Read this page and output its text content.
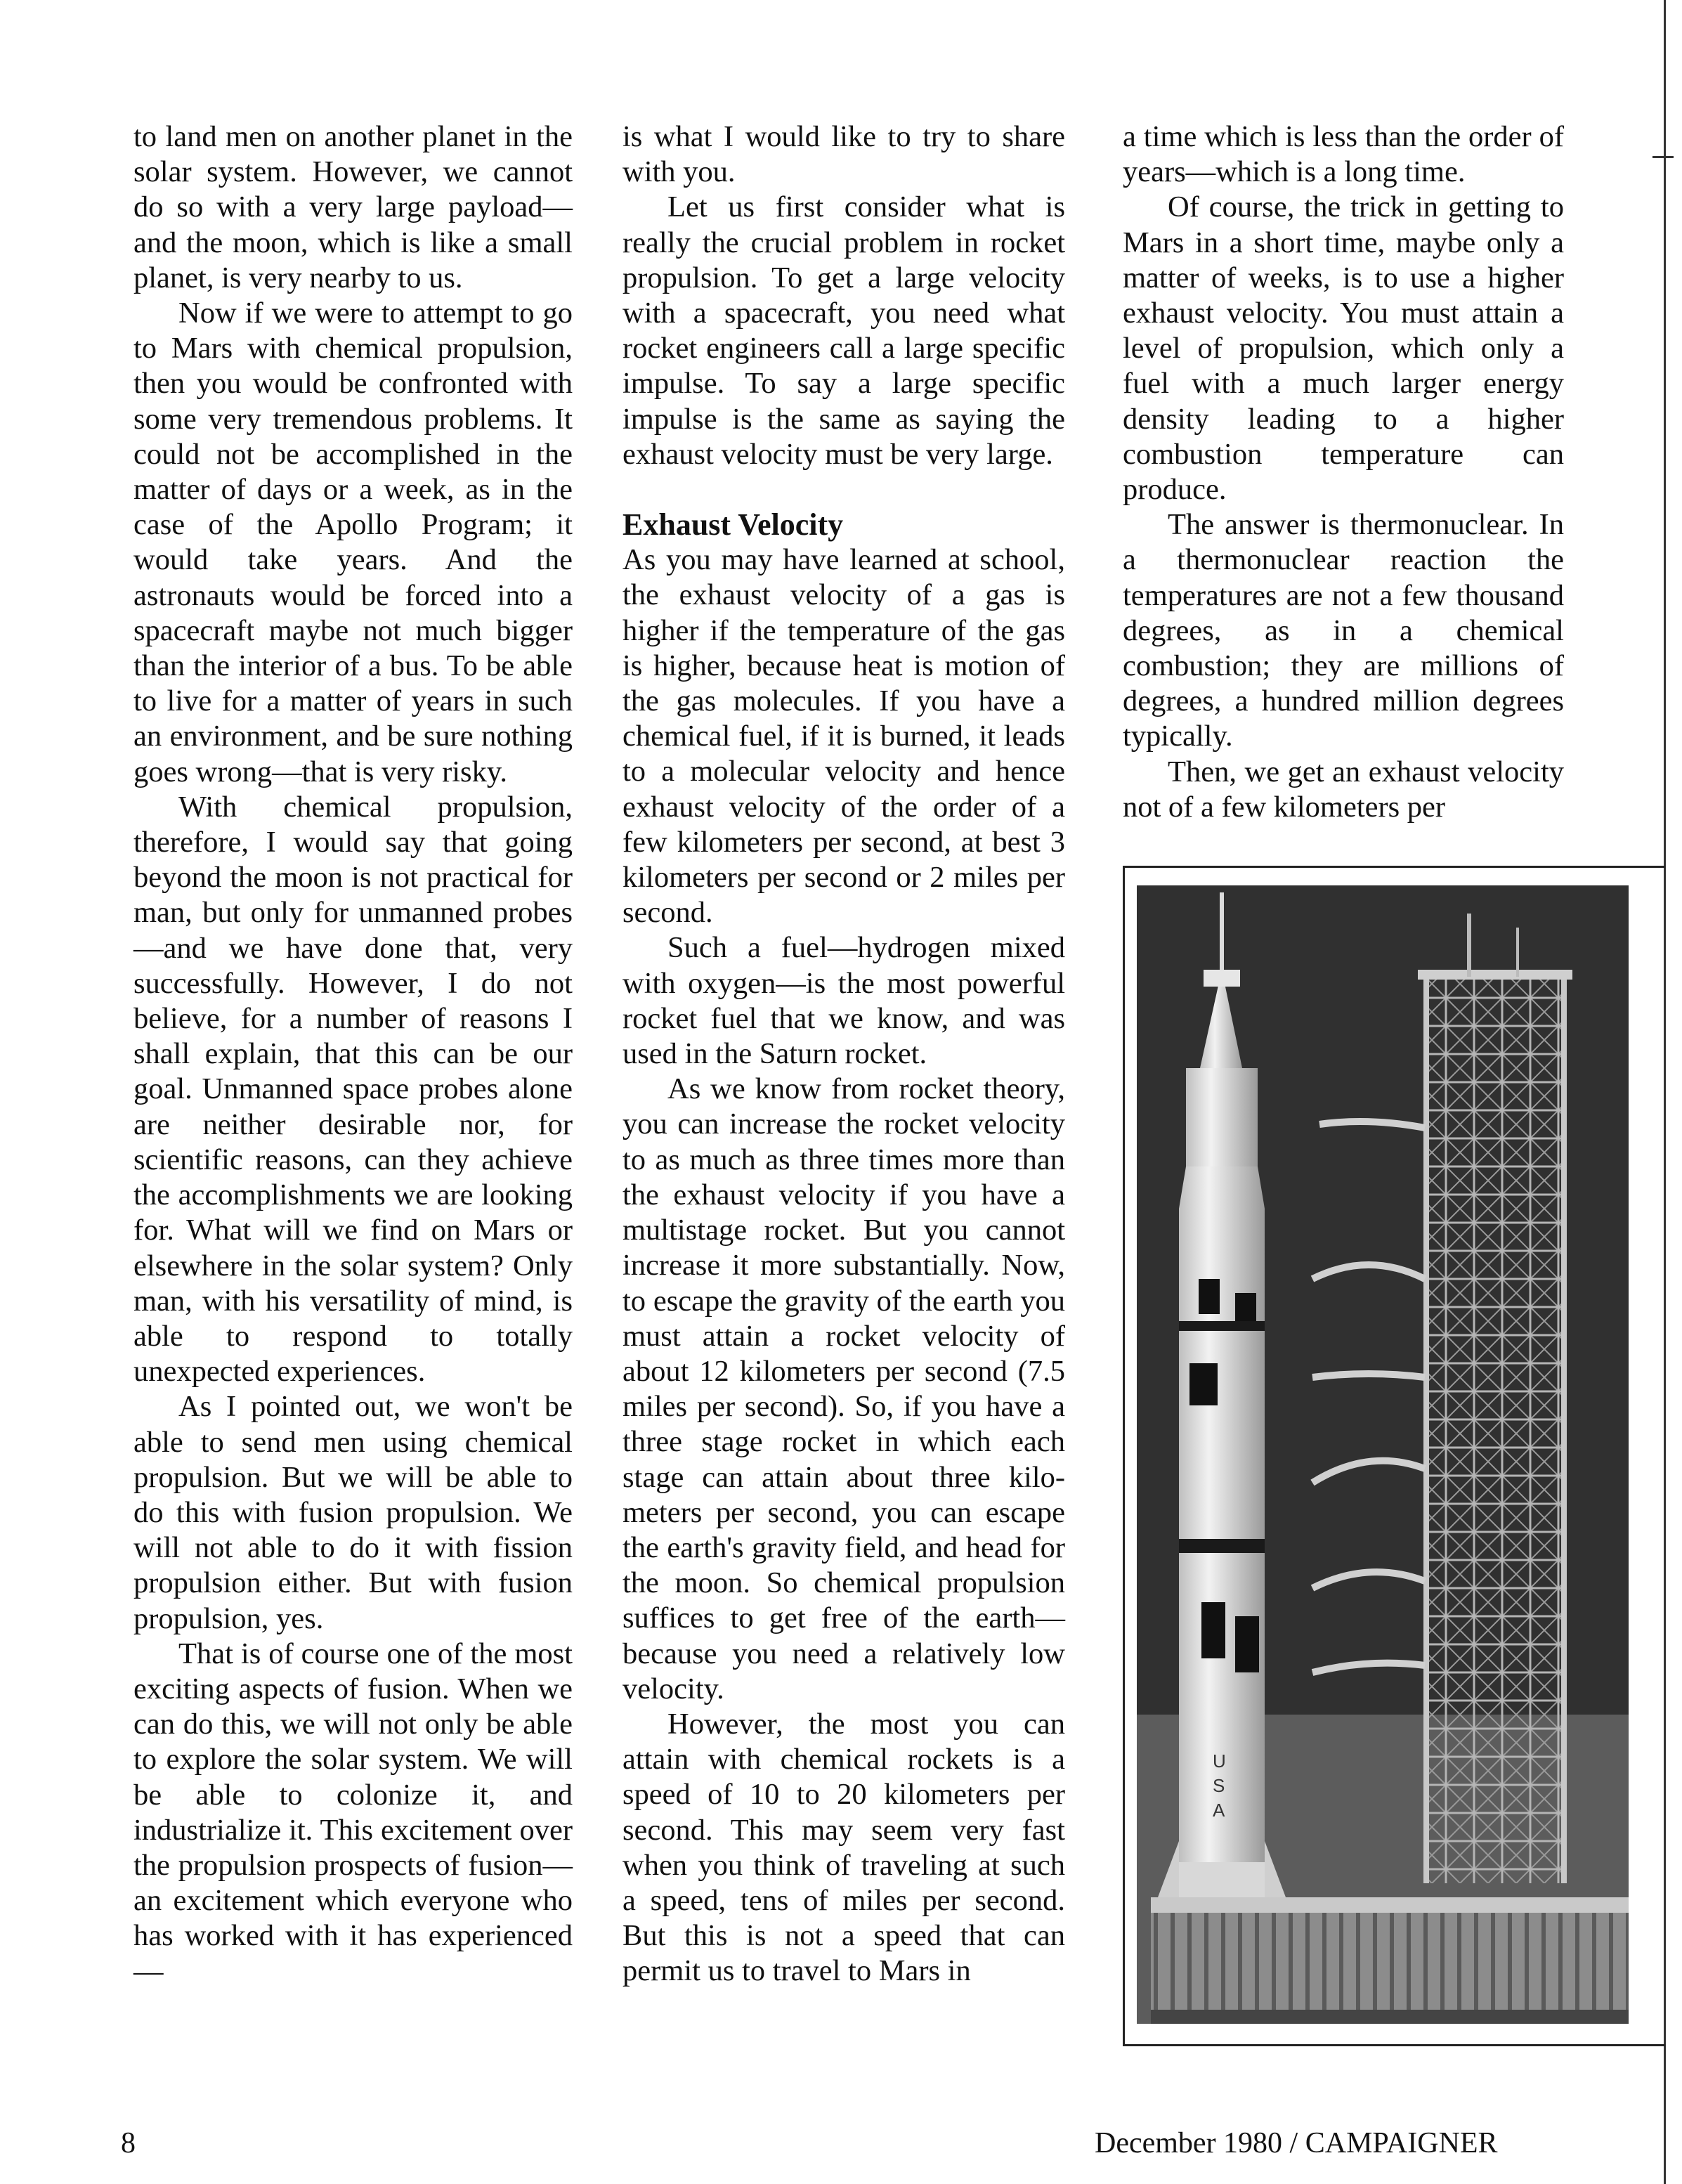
to land men on another planet in the solar system. However, we cannot do so with a very large payload—and the moon, which is like a small planet, is very nearby to us.

Now if we were to attempt to go to Mars with chemical propulsion, then you would be confronted with some very tremendous problems. It could not be accomplished in the matter of days or a week, as in the case of the Apollo Program; it would take years. And the astronauts would be forced into a spacecraft maybe not much bigger than the interior of a bus. To be able to live for a matter of years in such an environment, and be sure nothing goes wrong—that is very risky.

With chemical propulsion, therefore, I would say that going beyond the moon is not practical for man, but only for unmanned probes—and we have done that, very successfully. However, I do not believe, for a number of reasons I shall explain, that this can be our goal. Unmanned space probes alone are neither desirable nor, for scientific reasons, can they achieve the accomplishments we are looking for. What will we find on Mars or elsewhere in the solar system? Only man, with his versatility of mind, is able to respond to totally unexpected experiences.

As I pointed out, we won't be able to send men using chemical propulsion. But we will be able to do this with fusion propulsion. We will not able to do it with fission propulsion either. But with fusion propulsion, yes.

That is of course one of the most exciting aspects of fusion. When we can do this, we will not only be able to explore the solar system. We will be able to colonize it, and industrialize it. This excitement over the propulsion prospects of fusion—an excitement which everyone who has worked with it has experienced—

is what I would like to try to share with you.

Let us first consider what is really the crucial problem in rocket propulsion. To get a large velocity with a spacecraft, you need what rocket engineers call a large specific impulse. To say a large specific impulse is the same as saying the exhaust velocity must be very large.

Exhaust Velocity

As you may have learned at school, the exhaust velocity of a gas is higher if the temperature of the gas is higher, because heat is motion of the gas molecules. If you have a chemical fuel, if it is burned, it leads to a molecular velocity and hence exhaust velocity of the order of a few kilometers per second, at best 3 kilometers per second or 2 miles per second.

Such a fuel—hydrogen mixed with oxygen—is the most powerful rocket fuel that we know, and was used in the Saturn rocket.

As we know from rocket theory, you can increase the rocket velocity to as much as three times more than the exhaust velocity if you have a multistage rocket. But you cannot increase it more substantially. Now, to escape the gravity of the earth you must attain a rocket velocity of about 12 kilometers per second (7.5 miles per second). So, if you have a three stage rocket in which each stage can attain about three kilometers per second, you can escape the earth's gravity field, and head for the moon. So chemical propulsion suffices to get free of the earth—because you need a relatively low velocity.

However, the most you can attain with chemical rockets is a speed of 10 to 20 kilometers per second. This may seem very fast when you think of traveling at such a speed, tens of miles per second. But this is not a speed that can permit us to travel to Mars in

a time which is less than the order of years—which is a long time.

Of course, the trick in getting to Mars in a short time, maybe only a matter of weeks, is to use a higher exhaust velocity. You must attain a level of propulsion, which only a fuel with a much larger energy density leading to a higher combustion temperature can produce.

The answer is thermonuclear. In a thermonuclear reaction the temperatures are not a few thousand degrees, as in a chemical combustion; they are millions of degrees, a hundred million degrees typically.

Then, we get an exhaust velocity not of a few kilometers per

U
S
A
8	December 1980 / CAMPAIGNER
